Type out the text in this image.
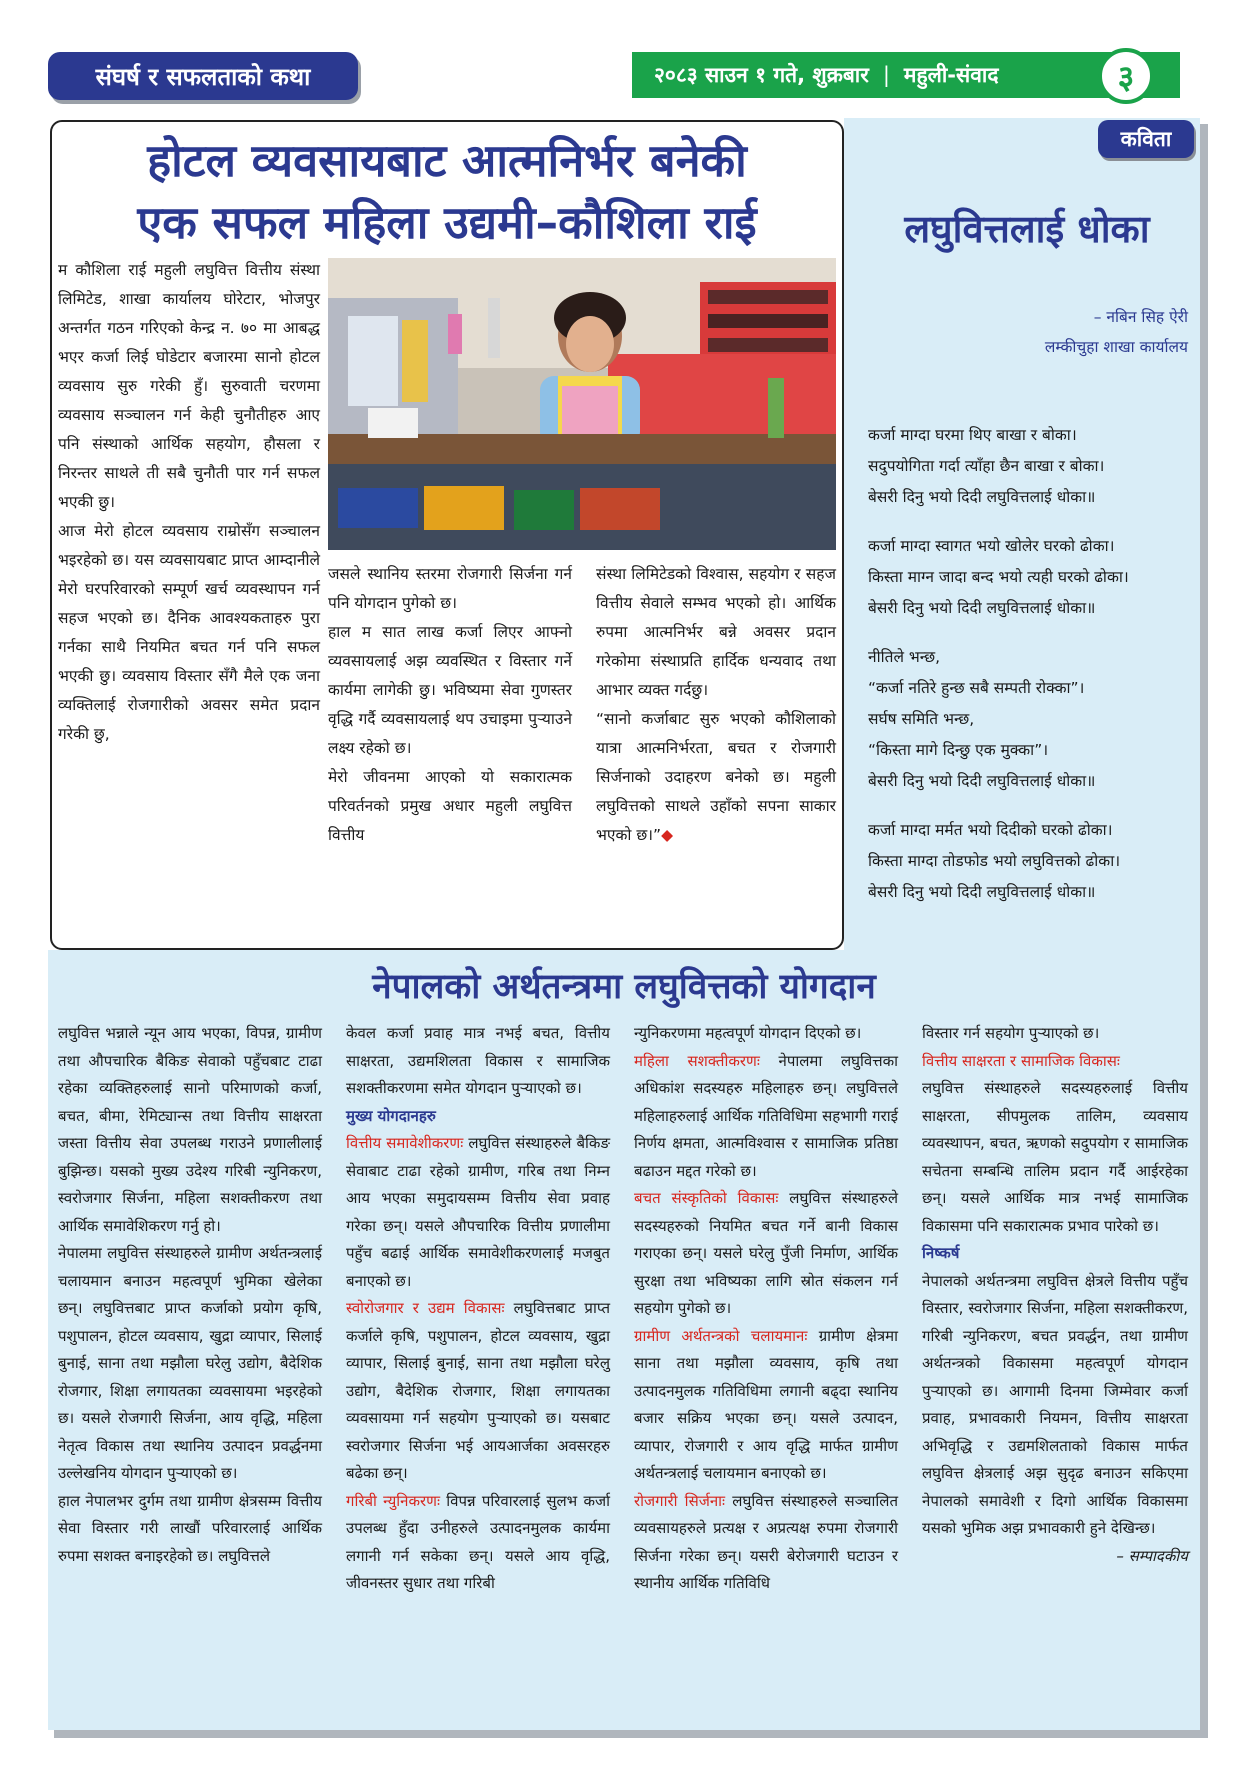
संघर्ष र सफलताको कथा	२०८३ साउन १ गते, शुक्रबार | महुली-संवाद	३
होटल व्यवसायबाट आत्मनिर्भर बनेकी
एक सफल महिला उद्यमी–कौशिला राई

म कौशिला राई महुली लघुवित्त वित्तीय संस्था लिमिटेड, शाखा कार्यालय घोरेटार, भोजपुर अन्तर्गत गठन गरिएको केन्द्र न. ७० मा आबद्ध भएर कर्जा लिई घोडेटार बजारमा सानो होटल व्यवसाय सुरु गरेकी हुँ। सुरुवाती चरणमा व्यवसाय सञ्चालन गर्न केही चुनौतीहरु आए पनि संस्थाको आर्थिक सहयोग, हौसला र निरन्तर साथले ती सबै चुनौती पार गर्न सफल भएकी छु।

आज मेरो होटल व्यवसाय राम्रोसँग सञ्चालन भइरहेको छ। यस व्यवसायबाट प्राप्त आम्दानीले मेरो घरपरिवारको सम्पूर्ण खर्च व्यवस्थापन गर्न सहज भएको छ। दैनिक आवश्यकताहरु पुरा गर्नका साथै नियमित बचत गर्न पनि सफल भएकी छु। व्यवसाय विस्तार सँगै मैले एक जना व्यक्तिलाई रोजगारीको अवसर समेत प्रदान गरेकी छु,

जसले स्थानिय स्तरमा रोजगारी सिर्जना गर्न पनि योगदान पुगेको छ।

हाल म सात लाख कर्जा लिएर आफ्नो व्यवसायलाई अझ व्यवस्थित र विस्तार गर्ने कार्यमा लागेकी छु। भविष्यमा सेवा गुणस्तर वृद्धि गर्दै व्यवसायलाई थप उचाइमा पुर्‍याउने लक्ष्य रहेको छ।

मेरो जीवनमा आएको यो सकारात्मक परिवर्तनको प्रमुख अधार महुली लघुवित्त वित्तीय

संस्था लिमिटेडको विश्वास, सहयोग र सहज वित्तीय सेवाले सम्भव भएको हो। आर्थिक रुपमा आत्मनिर्भर बन्ने अवसर प्रदान गरेकोमा संस्थाप्रति हार्दिक धन्यवाद तथा आभार व्यक्त गर्दछु।

“सानो कर्जाबाट सुरु भएको कौशिलाको यात्रा आत्मनिर्भरता, बचत र रोजगारी सिर्जनाको उदाहरण बनेको छ। महुली लघुवित्तको साथले उहाँको सपना साकार भएको छ।”◆

कविता
लघुवित्तलाई धोका
– नबिन सिह ऐरी
लम्कीचुहा शाखा कार्यालय
कर्जा माग्दा घरमा थिए बाखा र बोका।
सदुपयोगिता गर्दा त्याँहा छैन बाखा र बोका।
बेसरी दिनु भयो दिदी लघुवित्तलाई धोका॥
कर्जा माग्दा स्वागत भयो खोलेर घरको ढोका।
किस्ता माग्न जादा बन्द भयो त्यही घरको ढोका।
बेसरी दिनु भयो दिदी लघुवित्तलाई धोका॥
नीतिले भन्छ,
“कर्जा नतिरे हुन्छ सबै सम्पती रोक्का”।
सर्घष समिति भन्छ,
“किस्ता मागे दिन्छु एक मुक्का”।
बेसरी दिनु भयो दिदी लघुवित्तलाई धोका॥
कर्जा माग्दा मर्मत भयो दिदीको घरको ढोका।
किस्ता माग्दा तोडफोड भयो लघुवित्तको ढोका।
बेसरी दिनु भयो दिदी लघुवित्तलाई धोका॥
नेपालको अर्थतन्त्रमा लघुवित्तको योगदान

लघुवित्त भन्नाले न्यून आय भएका, विपन्न, ग्रामीण तथा औपचारिक बैकिङ सेवाको पहुँचबाट टाढा रहेका व्यक्तिहरुलाई सानो परिमाणको कर्जा, बचत, बीमा, रेमिट्यान्स तथा वित्तीय साक्षरता जस्ता वित्तीय सेवा उपलब्ध गराउने प्रणालीलाई बुझिन्छ। यसको मुख्य उदेश्य गरिबी न्युनिकरण, स्वरोजगार सिर्जना, महिला सशक्तीकरण तथा आर्थिक समावेशिकरण गर्नु हो।

नेपालमा लघुवित्त संस्थाहरुले ग्रामीण अर्थतन्त्रलाई चलायमान बनाउन महत्वपूर्ण भुमिका खेलेका छन्। लघुवित्तबाट प्राप्त कर्जाको प्रयोग कृषि, पशुपालन, होटल व्यवसाय, खुद्रा व्यापार, सिलाई बुनाई, साना तथा मझौला घरेलु उद्योग, बैदेशिक रोजगार, शिक्षा लगायतका व्यवसायमा भइरहेको छ। यसले रोजगारी सिर्जना, आय वृद्धि, महिला नेतृत्व विकास तथा स्थानिय उत्पादन प्रवर्द्धनमा उल्लेखनिय योगदान पुर्‍याएको छ।

हाल नेपालभर दुर्गम तथा ग्रामीण क्षेत्रसम्म वित्तीय सेवा विस्तार गरी लाखौं परिवारलाई आर्थिक रुपमा सशक्त बनाइरहेको छ। लघुवित्तले

केवल कर्जा प्रवाह मात्र नभई बचत, वित्तीय साक्षरता, उद्यमशिलता विकास र सामाजिक सशक्तीकरणमा समेत योगदान पुर्‍याएको छ।

मुख्य योगदानहरु

वित्तीय समावेशीकरणः लघुवित्त संस्थाहरुले बैकिङ सेवाबाट टाढा रहेको ग्रामीण, गरिब तथा निम्न आय भएका समुदायसम्म वित्तीय सेवा प्रवाह गरेका छन्। यसले औपचारिक वित्तीय प्रणालीमा पहुँच बढाई आर्थिक समावेशीकरणलाई मजबुत बनाएको छ।

स्वोरोजगार र उद्यम विकासः लघुवित्तबाट प्राप्त कर्जाले कृषि, पशुपालन, होटल व्यवसाय, खुद्रा व्यापार, सिलाई बुनाई, साना तथा मझौला घरेलु उद्योग, बैदेशिक रोजगार, शिक्षा लगायतका व्यवसायमा गर्न सहयोग पुर्‍याएको छ। यसबाट स्वरोजगार सिर्जना भई आयआर्जका अवसरहरु बढेका छन्।

गरिबी न्युनिकरणः विपन्न परिवारलाई सुलभ कर्जा उपलब्ध हुँदा उनीहरुले उत्पादनमुलक कार्यमा लगानी गर्न सकेका छन्। यसले आय वृद्धि, जीवनस्तर सुधार तथा गरिबी

न्युनिकरणमा महत्वपूर्ण योगदान दिएको छ।

महिला सशक्तीकरणः नेपालमा लघुवित्तका अधिकांश सदस्यहरु महिलाहरु छन्। लघुवित्तले महिलाहरुलाई आर्थिक गतिविधिमा सहभागी गराई निर्णय क्षमता, आत्मविश्वास र सामाजिक प्रतिष्ठा बढाउन मद्दत गरेको छ।

बचत संस्कृतिको विकासः लघुवित्त संस्थाहरुले सदस्यहरुको नियमित बचत गर्ने बानी विकास गराएका छन्। यसले घरेलु पुँजी निर्माण, आर्थिक सुरक्षा तथा भविष्यका लागि स्रोत संकलन गर्न सहयोग पुगेको छ।

ग्रामीण अर्थतन्त्रको चलायमानः ग्रामीण क्षेत्रमा साना तथा मझौला व्यवसाय, कृषि तथा उत्पादनमुलक गतिविधिमा लगानी बढ्दा स्थानिय बजार सक्रिय भएका छन्। यसले उत्पादन, व्यापार, रोजगारी र आय वृद्धि मार्फत ग्रामीण अर्थतन्त्रलाई चलायमान बनाएको छ।

रोजगारी सिर्जनाः लघुवित्त संस्थाहरुले सञ्चालित व्यवसायहरुले प्रत्यक्ष र अप्रत्यक्ष रुपमा रोजगारी सिर्जना गरेका छन्। यसरी बेरोजगारी घटाउन र स्थानीय आर्थिक गतिविधि

विस्तार गर्न सहयोग पुर्‍याएको छ।

वित्तीय साक्षरता र सामाजिक विकासः

लघुवित्त संस्थाहरुले सदस्यहरुलाई वित्तीय साक्षरता, सीपमुलक तालिम, व्यवसाय व्यवस्थापन, बचत, ऋणको सदुपयोग र सामाजिक सचेतना सम्बन्धि तालिम प्रदान गर्दै आईरहेका छन्। यसले आर्थिक मात्र नभई सामाजिक विकासमा पनि सकारात्मक प्रभाव पारेको छ।

निष्कर्ष

नेपालको अर्थतन्त्रमा लघुवित्त क्षेत्रले वित्तीय पहुँच विस्तार, स्वरोजगार सिर्जना, महिला सशक्तीकरण, गरिबी न्युनिकरण, बचत प्रवर्द्धन, तथा ग्रामीण अर्थतन्त्रको विकासमा महत्वपूर्ण योगदान पुर्‍याएको छ। आगामी दिनमा जिम्मेवार कर्जा प्रवाह, प्रभावकारी नियमन, वित्तीय साक्षरता अभिवृद्धि र उद्यमशिलताको विकास मार्फत लघुवित्त क्षेत्रलाई अझ सुदृढ बनाउन सकिएमा नेपालको समावेशी र दिगो आर्थिक विकासमा यसको भुमिक अझ प्रभावकारी हुने देखिन्छ।

– सम्पादकीय
